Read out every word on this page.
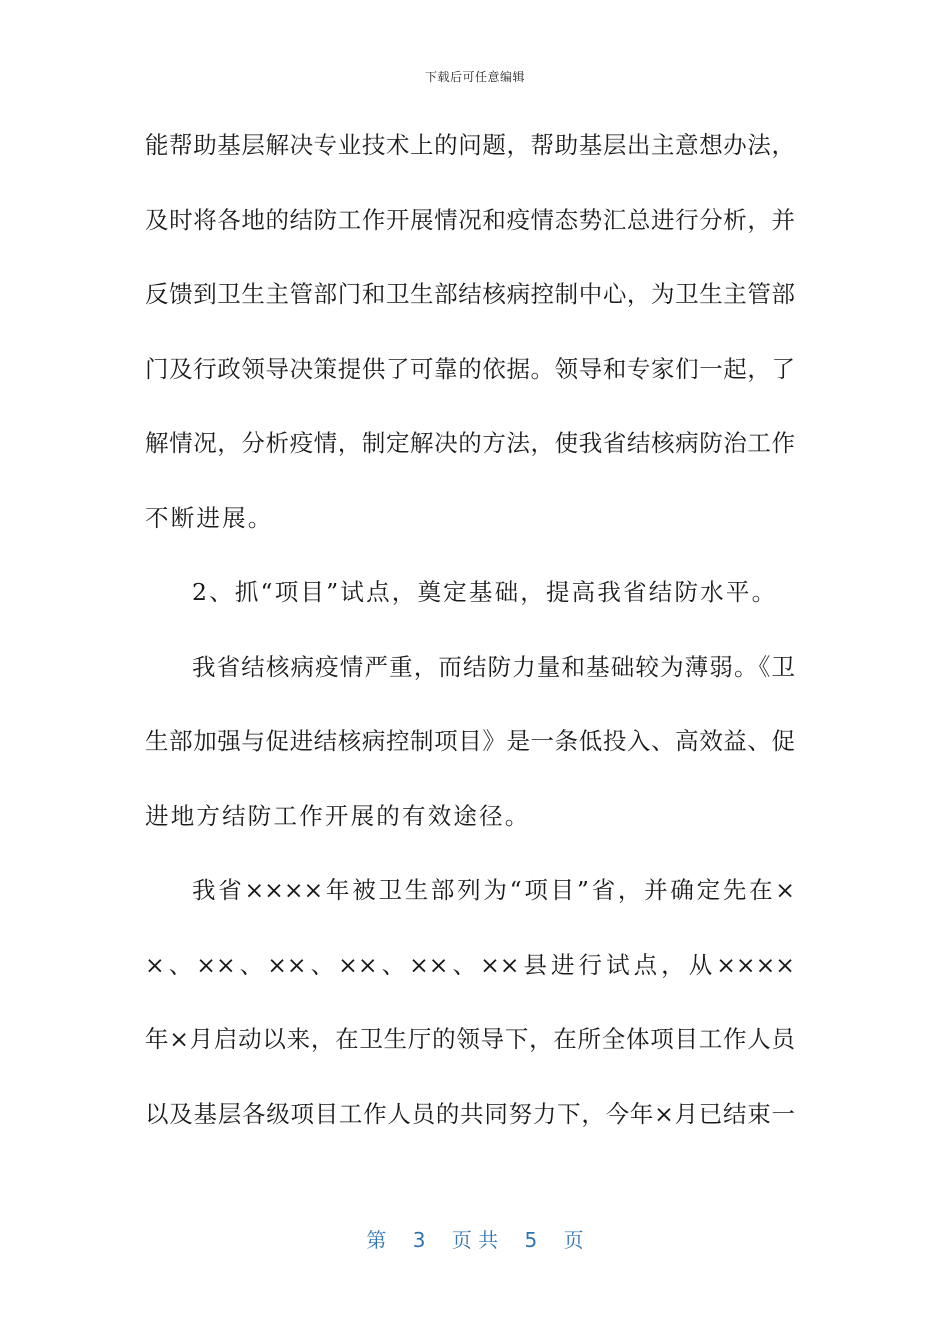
下载后可任意编辑
能帮助基层解决专业技术上的问题，帮助基层出主意想办法，
及时将各地的结防工作开展情况和疫情态势汇总进行分析，并
反馈到卫生主管部门和卫生部结核病控制中心，为卫生主管部
门及行政领导决策提供了可靠的依据。领导和专家们一起，了
解情况，分析疫情，制定解决的方法，使我省结核病防治工作
不断进展。
2、抓“项目”试点，奠定基础，提高我省结防水平。
我省结核病疫情严重，而结防力量和基础较为薄弱。《卫
生部加强与促进结核病控制项目》是一条低投入、高效益、促
进地方结防工作开展的有效途径。
我省××××年被卫生部列为“项目”省，并确定先在×
×、××、××、××、××、××县进行试点，从××××
年×月启动以来，在卫生厅的领导下，在所全体项目工作人员
以及基层各级项目工作人员的共同努力下，今年×月已结束一
第 3 页 共 5 页
